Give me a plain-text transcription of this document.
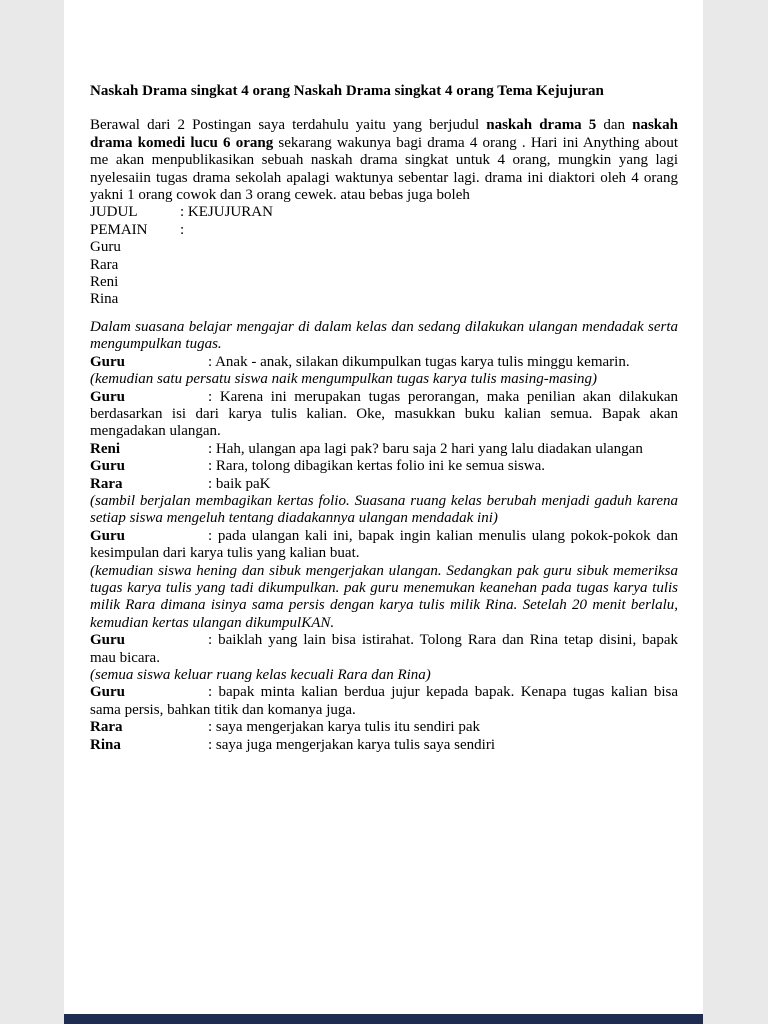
Naskah Drama singkat 4 orang Naskah Drama singkat 4 orang Tema Kejujuran

Berawal dari 2 Postingan saya terdahulu yaitu yang berjudul naskah drama 5 dan naskah drama komedi lucu 6 orang sekarang wakunya bagi drama 4 orang . Hari ini Anything about me akan menpublikasikan sebuah naskah drama singkat untuk 4 orang, mungkin yang lagi nyelesaiin tugas drama sekolah apalagi waktunya sebentar lagi. drama ini diaktori oleh 4 orang yakni 1 orang cowok dan 3 orang cewek. atau bebas juga boleh

JUDUL	: KEJUJURAN
PEMAIN :
Guru
Rara
Reni
Rina

Dalam suasana belajar mengajar di dalam kelas dan sedang dilakukan ulangan mendadak serta mengumpulkan tugas.

Guru	: Anak - anak, silakan dikumpulkan tugas karya tulis minggu kemarin.

(kemudian satu persatu siswa naik mengumpulkan tugas karya tulis masing-masing)

Guru	: Karena ini merupakan tugas perorangan, maka penilian akan dilakukan berdasarkan isi dari karya tulis kalian. Oke, masukkan buku kalian semua. Bapak akan mengadakan ulangan.

Reni	: Hah, ulangan apa lagi pak? baru saja 2 hari yang lalu diadakan ulangan

Guru	: Rara, tolong dibagikan kertas folio ini ke semua siswa.

Rara	: baik paK

(sambil berjalan membagikan kertas folio. Suasana ruang kelas berubah menjadi gaduh karena setiap siswa mengeluh tentang diadakannya ulangan mendadak ini)

Guru	: pada ulangan kali ini, bapak ingin kalian menulis ulang pokok-pokok dan kesimpulan dari karya tulis yang kalian buat.

(kemudian siswa hening dan sibuk mengerjakan ulangan. Sedangkan pak guru sibuk memeriksa tugas karya tulis yang tadi dikumpulkan. pak guru menemukan keanehan pada tugas karya tulis milik Rara dimana isinya sama persis dengan karya tulis milik Rina. Setelah 20 menit berlalu, kemudian kertas ulangan dikumpulKAN.

Guru	: baiklah yang lain bisa istirahat. Tolong Rara dan Rina tetap disini, bapak mau bicara.

(semua siswa keluar ruang kelas kecuali Rara dan Rina)

Guru	: bapak minta kalian berdua jujur kepada bapak. Kenapa tugas kalian bisa sama persis, bahkan titik dan komanya juga.

Rara	: saya mengerjakan karya tulis itu sendiri pak

Rina	: saya juga mengerjakan karya tulis saya sendiri
